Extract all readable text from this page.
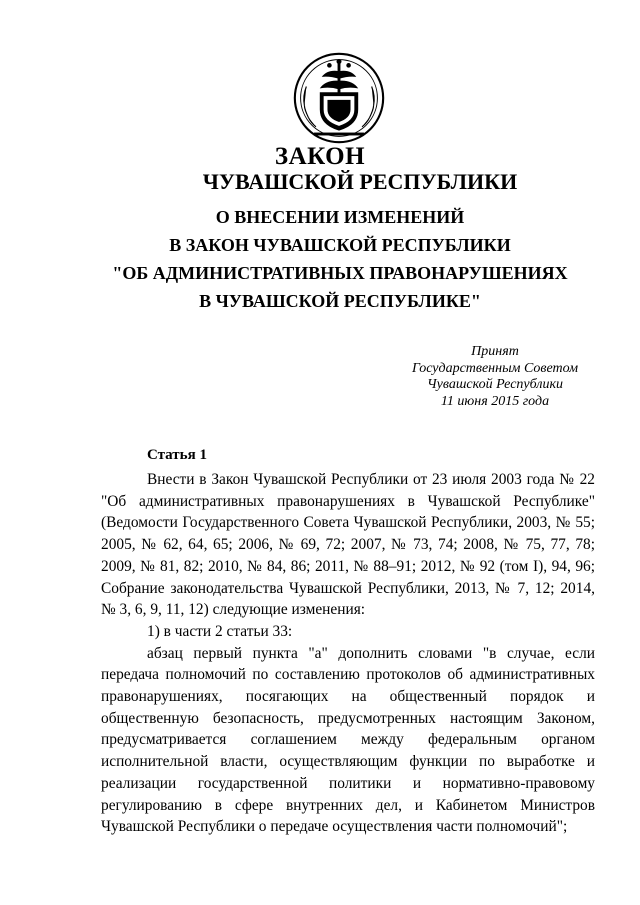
ЗАКОН
ЧУВАШСКОЙ РЕСПУБЛИКИ
О ВНЕСЕНИИ ИЗМЕНЕНИЙ
В ЗАКОН ЧУВАШСКОЙ РЕСПУБЛИКИ
"ОБ АДМИНИСТРАТИВНЫХ ПРАВОНАРУШЕНИЯХ
В ЧУВАШСКОЙ РЕСПУБЛИКЕ"
Принят
Государственным Советом
Чувашской Республики
11 июня 2015 года
Статья 1

Внести в Закон Чувашской Республики от 23 июля 2003 года № 22 "Об административных правонарушениях в Чувашской Республике" (Ведомости Государственного Совета Чувашской Республики, 2003, № 55; 2005, № 62, 64, 65; 2006, № 69, 72; 2007, № 73, 74; 2008, № 75, 77, 78; 2009, № 81, 82; 2010, № 84, 86; 2011, № 88–91; 2012, № 92 (том I), 94, 96; Собрание законодательства Чувашской Республики, 2013, № 7, 12; 2014, № 3, 6, 9, 11, 12) следующие изменения:

1) в части 2 статьи 33:

абзац первый пункта "а" дополнить словами "в случае, если передача полномочий по составлению протоколов об административных правонарушениях, посягающих на общественный порядок и общественную безопасность, предусмотренных настоящим Законом, предусматривается соглашением между федеральным органом исполнительной власти, осуществляющим функции по выработке и реализации государственной политики и нормативно-правовому регулированию в сфере внутренних дел, и Кабинетом Министров Чувашской Республики о передаче осуществления части полномочий";
